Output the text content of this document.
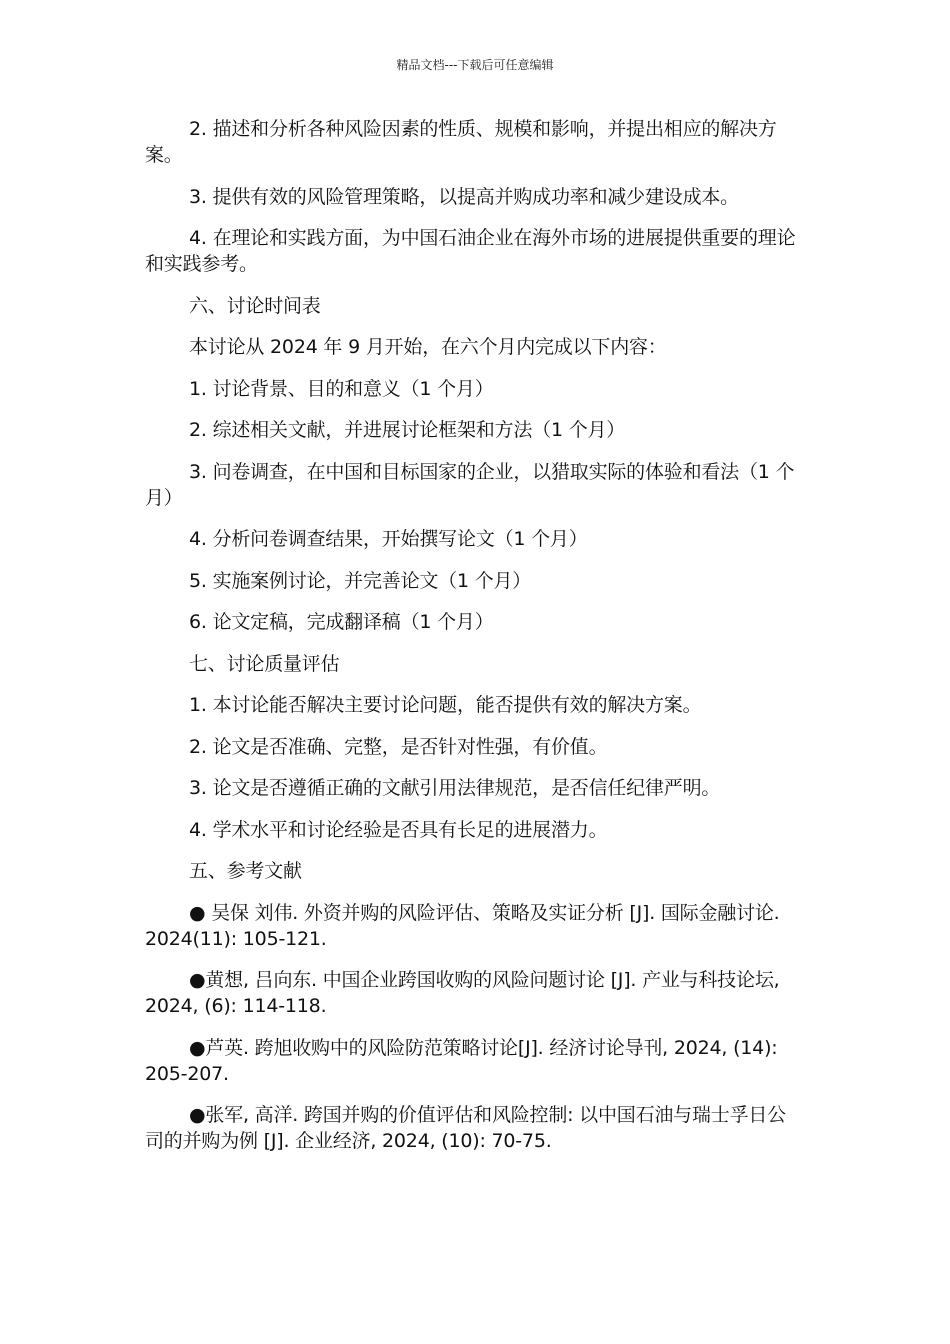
精品文档---下载后可任意编辑

2. 描述和分析各种风险因素的性质、规模和影响，并提出相应的解决方案。

3. 提供有效的风险管理策略，以提高并购成功率和减少建设成本。

4. 在理论和实践方面，为中国石油企业在海外市场的进展提供重要的理论和实践参考。

六、讨论时间表

本讨论从 2024 年 9 月开始，在六个月内完成以下内容：

1. 讨论背景、目的和意义（1 个月）

2. 综述相关文献，并进展讨论框架和方法（1 个月）

3. 问卷调查，在中国和目标国家的企业，以猎取实际的体验和看法（1 个月）

4. 分析问卷调查结果，开始撰写论文（1 个月）

5. 实施案例讨论，并完善论文（1 个月）

6. 论文定稿，完成翻译稿（1 个月）

七、讨论质量评估

1. 本讨论能否解决主要讨论问题，能否提供有效的解决方案。

2. 论文是否准确、完整，是否针对性强，有价值。

3. 论文是否遵循正确的文献引用法律规范，是否信任纪律严明。

4. 学术水平和讨论经验是否具有长足的进展潜力。

五、参考文献

● 吴保 刘伟. 外资并购的风险评估、策略及实证分析 [J]. 国际金融讨论. 2024(11): 105-121.

●黄想, 吕向东. 中国企业跨国收购的风险问题讨论 [J]. 产业与科技论坛, 2024, (6): 114-118.

●芦英. 跨旭收购中的风险防范策略讨论[J]. 经济讨论导刊, 2024, (14): 205-207.

●张军, 高洋. 跨国并购的价值评估和风险控制: 以中国石油与瑞士孚日公司的并购为例 [J]. 企业经济, 2024, (10): 70-75.
